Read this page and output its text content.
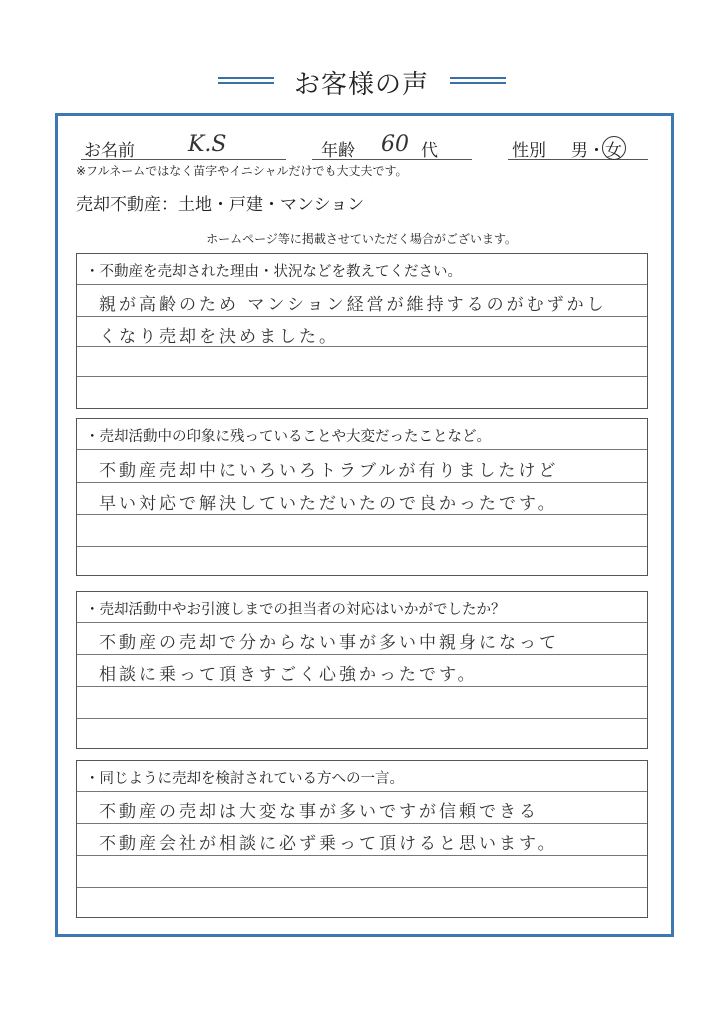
お客様の声
お名前 K.S	年齢 60 代	性別 男・女
※フルネームではなく苗字やイニシャルだけでも大丈夫です。
売却不動産：土地・戸建・マンション
ホームページ等に掲載させていただく場合がございます。
・不動産を売却された理由・状況などを教えてください。
親が高齢のため マンション経営が維持するのがむずかし
くなり売却を決めました。
・売却活動中の印象に残っていることや大変だったことなど。
不動産売却中にいろいろトラブルが有りましたけど
早い対応で解決していただいたので良かったです。
・売却活動中やお引渡しまでの担当者の対応はいかがでしたか？
不動産の売却で分からない事が多い中親身になって
相談に乗って頂きすごく心強かったです。
・同じように売却を検討されている方への一言。
不動産の売却は大変な事が多いですが信頼できる
不動産会社が相談に必ず乗って頂けると思います。
